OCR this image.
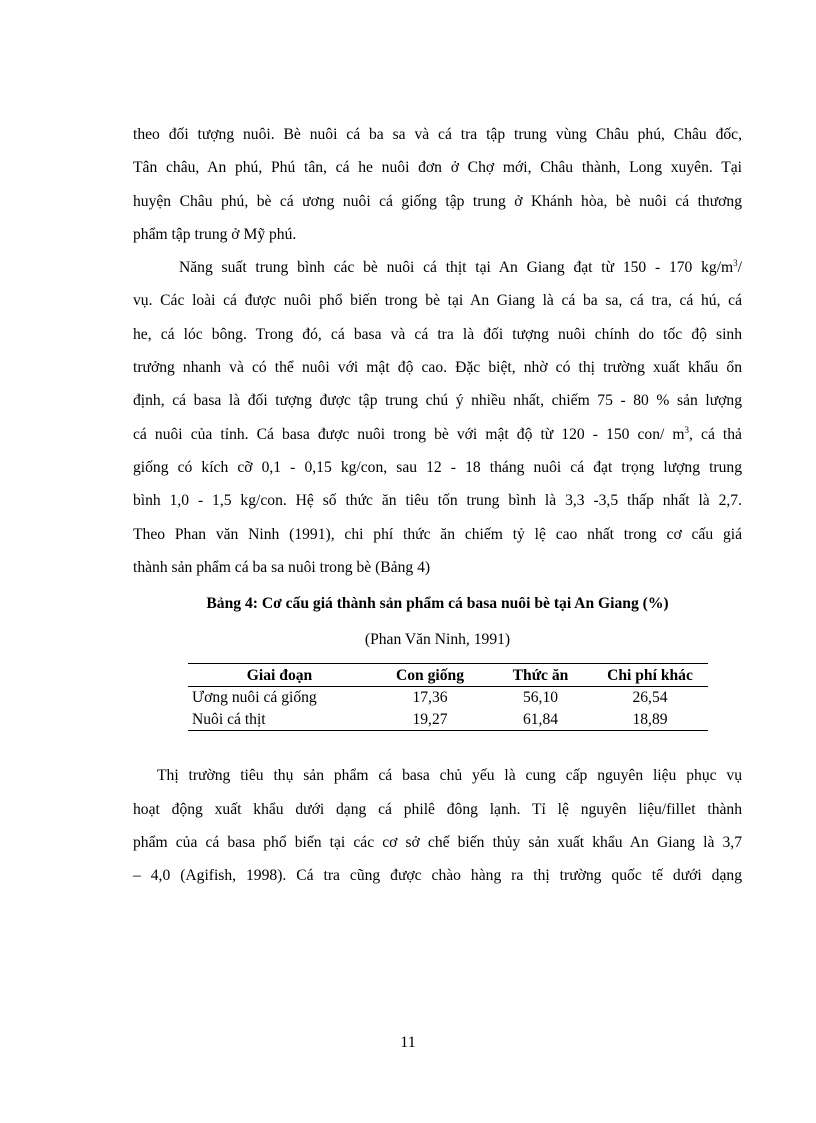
theo đối tượng nuôi. Bè nuôi cá ba sa và cá tra tập trung vùng Châu phú, Châu đốc,
Tân châu, An phú, Phú tân, cá he nuôi đơn ở Chợ mới, Châu thành, Long xuyên. Tại
huyện Châu phú, bè cá ương nuôi cá giống tập trung ở Khánh hòa, bè nuôi cá thương
phẩm tập trung ở Mỹ phú.

Năng suất trung bình các bè nuôi cá thịt tại An Giang đạt từ 150 - 170 $kg/m^3/$
vụ. Các loài cá được nuôi phổ biến trong bè tại An Giang là cá ba sa, cá tra, cá hú, cá
he, cá lóc bông. Trong đó, cá basa và cá tra là đối tượng nuôi chính do tốc độ sinh
trưởng nhanh và có thể nuôi với mật độ cao. Đặc biệt, nhờ có thị trường xuất khẩu ổn
định, cá basa là đối tượng được tập trung chú ý nhiều nhất, chiếm 75 - 80 % sản lượng
cá nuôi của tỉnh. Cá basa được nuôi trong bè với mật độ từ 120 - 150 con/ $m^3$, cá thả
giống có kích cỡ 0,1 - 0,15 kg/con, sau 12 - 18 tháng nuôi cá đạt trọng lượng trung
bình 1,0 - 1,5 kg/con. Hệ số thức ăn tiêu tốn trung bình là 3,3 -3,5 thấp nhất là 2,7.
Theo Phan văn Ninh (1991), chi phí thức ăn chiếm tỷ lệ cao nhất trong cơ cấu giá
thành sản phẩm cá ba sa nuôi trong bè (Bảng 4)

Bảng 4: Cơ cấu giá thành sản phẩm cá basa nuôi bè tại An Giang (%)

(Phan Văn Ninh, 1991)

Giai đoạn	Con giống	Thức ăn	Chi phí khác
Ương nuôi cá giống	17,36	56,10	26,54
Nuôi cá thịt	19,27	61,84	18,89

Thị trường tiêu thụ sản phẩm cá basa chủ yếu là cung cấp nguyên liệu phục vụ
hoạt động xuất khẩu dưới dạng cá philê đông lạnh. Tỉ lệ nguyên liệu/fillet thành
phẩm của cá basa phổ biến tại các cơ sở chế biến thủy sản xuất khẩu An Giang là 3,7
– 4,0 (Agifish, 1998). Cá tra cũng được chào hàng ra thị trường quốc tế dưới dạng

11
